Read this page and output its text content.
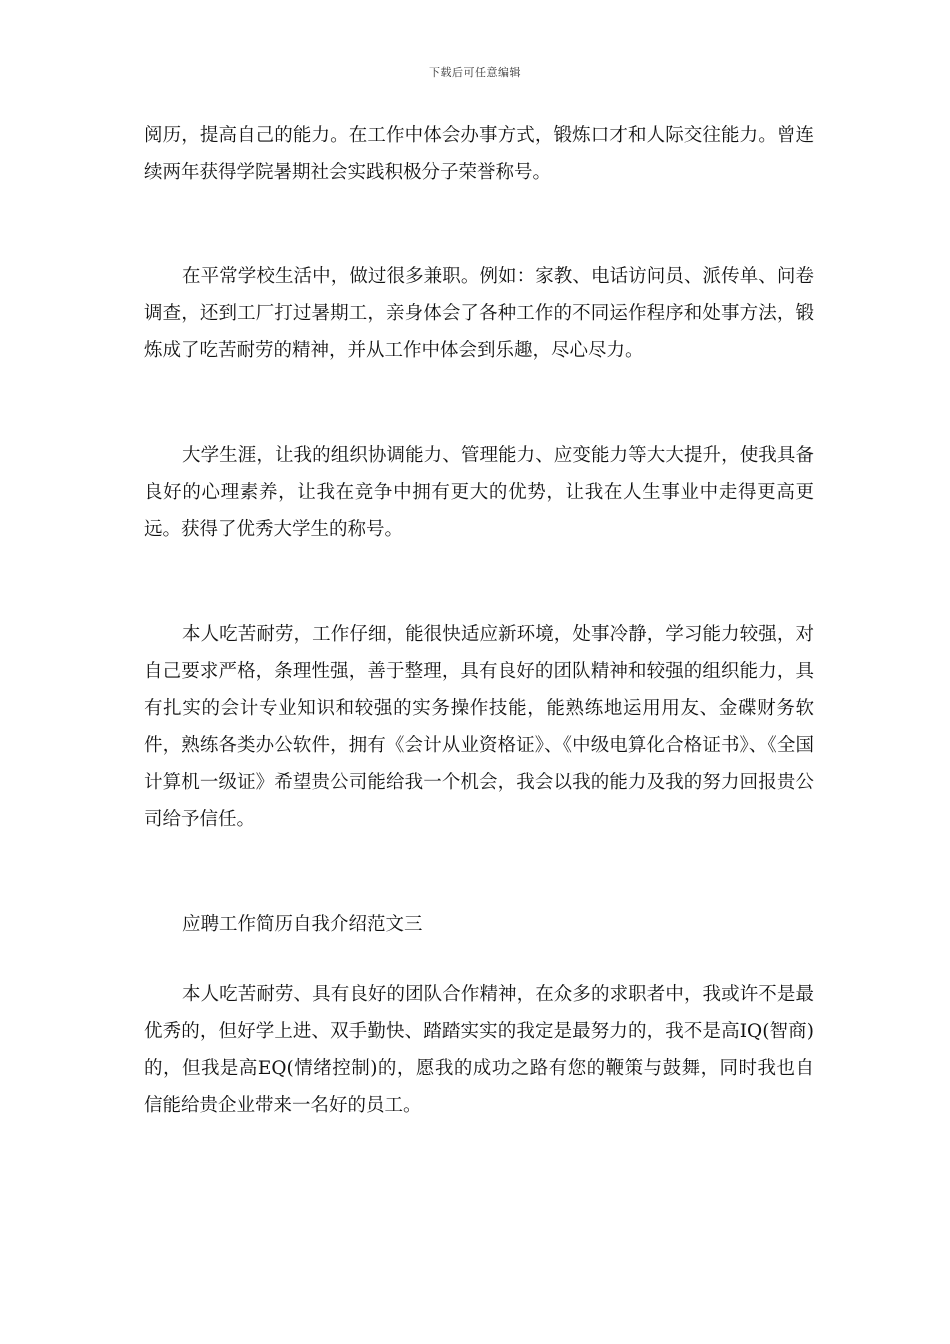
下载后可任意编辑

阅历，提高自己的能力。在工作中体会办事方式，锻炼口才和人际交往能力。曾连续两年获得学院暑期社会实践积极分子荣誉称号。

在平常学校生活中，做过很多兼职。例如：家教、电话访问员、派传单、问卷调查，还到工厂打过暑期工，亲身体会了各种工作的不同运作程序和处事方法，锻炼成了吃苦耐劳的精神，并从工作中体会到乐趣，尽心尽力。

大学生涯，让我的组织协调能力、管理能力、应变能力等大大提升，使我具备良好的心理素养，让我在竞争中拥有更大的优势，让我在人生事业中走得更高更远。获得了优秀大学生的称号。

本人吃苦耐劳，工作仔细，能很快适应新环境，处事冷静，学习能力较强，对自己要求严格，条理性强，善于整理，具有良好的团队精神和较强的组织能力，具有扎实的会计专业知识和较强的实务操作技能，能熟练地运用用友、金碟财务软件，熟练各类办公软件，拥有《会计从业资格证》、《中级电算化合格证书》、《全国计算机一级证》希望贵公司能给我一个机会，我会以我的能力及我的努力回报贵公司给予信任。

应聘工作简历自我介绍范文三

本人吃苦耐劳、具有良好的团队合作精神，在众多的求职者中，我或许不是最优秀的，但好学上进、双手勤快、踏踏实实的我定是最努力的，我不是高IQ(智商)的，但我是高EQ(情绪控制)的，愿我的成功之路有您的鞭策与鼓舞，同时我也自信能给贵企业带来一名好的员工。
